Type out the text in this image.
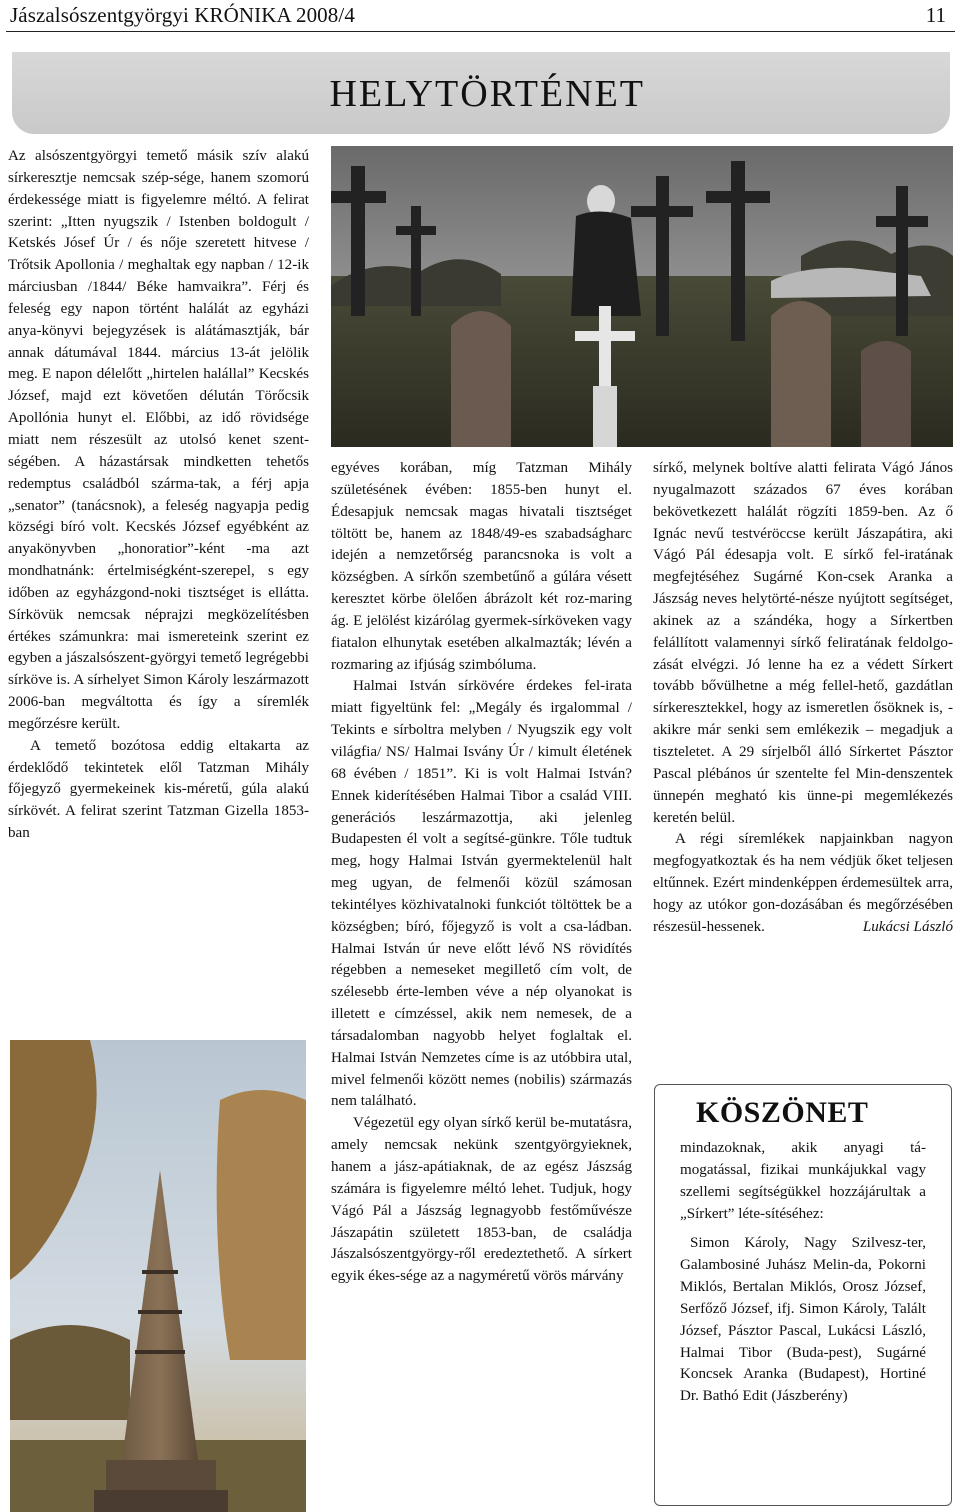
Jászalsószentgyörgyi KRÓNIKA 2008/4	11
HELYTÖRTÉNET

Az alsószentgyörgyi temető másik szív alakú sírkeresztje nemcsak szép-sége, hanem szomorú érdekessége miatt is figyelemre méltó. A felirat szerint: „Itten nyugszik / Istenben boldogult / Ketskés Jósef Úr / és nője szeretett hitvese / Trőtsik Apollonia / meghaltak egy napban / 12-ik márciusban /1844/ Béke hamvaikra”. Férj és feleség egy napon történt halálát az egyházi anya-könyvi bejegyzések is alátámasztják, bár annak dátumával 1844. március 13-át jelölik meg. E napon délelőtt „hirtelen halállal” Kecskés József, majd ezt követően délután Törőcsik Apollónia hunyt el. Előbbi, az idő rövidsége miatt nem részesült az utolsó kenet szent-ségében. A házastársak mindketten tehetős redemptus családból szárma-tak, a férj apja „senator” (tanácsnok), a feleség nagyapja pedig községi bíró volt. Kecskés József egyébként az anyakönyvben „honoratior”-ként -ma azt mondhatnánk: értelmiségként-szerepel, s egy időben az egyházgond-noki tisztséget is ellátta. Sírkövük nemcsak néprajzi megközelítésben értékes számunkra: mai ismereteink szerint ez egyben a jászalsószent-györgyi temető legrégebbi sírköve is. A sírhelyet Simon Károly leszármazott 2006-ban megváltotta és így a síremlék megőrzésre került.

A temető bozótosa eddig eltakarta az érdeklődő tekintetek elől Tatzman Mihály főjegyző gyermekeinek kis-méretű, gúla alakú sírkövét. A felirat szerint Tatzman Gizella 1853-ban

egyéves korában, míg Tatzman Mihály születésének évében: 1855-ben hunyt el. Édesapjuk nemcsak magas hivatali tisztséget töltött be, hanem az 1848/49-es szabadságharc idején a nemzetőrség parancsnoka is volt a községben. A sírkőn szembetűnő a gúlára vésett keresztet körbe ölelően ábrázolt két roz-maring ág. E jelölést kizárólag gyermek-sírköveken vagy fiatalon elhunytak esetében alkalmazták; lévén a rozmaring az ifjúság szimbóluma.

Halmai István sírkövére érdekes fel-irata miatt figyeltünk fel: „Megály és irgalommal / Tekints e sírboltra melyben / Nyugszik egy volt világfia/ NS/ Halmai Isvány Úr / kimult életének 68 évében / 1851”. Ki is volt Halmai István? Ennek kiderítésében Halmai Tibor a család VIII. generációs leszármazottja, aki jelenleg Budapesten él volt a segítsé-günkre. Tőle tudtuk meg, hogy Halmai István gyermektelenül halt meg ugyan, de felmenői közül számosan tekintélyes közhivatalnoki funkciót töltöttek be a községben; bíró, főjegyző is volt a csa-ládban. Halmai István úr neve előtt lévő NS rövidítés régebben a nemeseket megillető cím volt, de szélesebb érte-lemben véve a nép olyanokat is illetett e címzéssel, akik nem nemesek, de a társadalomban nagyobb helyet foglaltak el. Halmai István Nemzetes címe is az utóbbira utal, mivel felmenői között nemes (nobilis) származás nem található.

Végezetül egy olyan sírkő kerül be-mutatásra, amely nemcsak nekünk szentgyörgyieknek, hanem a jász-apátiaknak, de az egész Jászság számára is figyelemre méltó lehet. Tudjuk, hogy Vágó Pál a Jászság legnagyobb festőművésze Jászapátin született 1853-ban, de családja Jászalsószentgyörgy-ről eredeztethető. A sírkert egyik ékes-sége az a nagyméretű vörös márvány

sírkő, melynek boltíve alatti felirata Vágó János nyugalmazott százados 67 éves korában bekövetkezett halálát rögzíti 1859-ben. Az ő Ignác nevű testvéröccse került Jászapátira, aki Vágó Pál édesapja volt. E sírkő fel-iratának megfejtéséhez Sugárné Kon-csek Aranka a Jászság neves helytörté-nésze nyújtott segítséget, akinek az a szándéka, hogy a Sírkertben felállított valamennyi sírkő feliratának feldolgo-zását elvégzi. Jó lenne ha ez a védett Sírkert tovább bővülhetne a még fellel-hető, gazdátlan sírkeresztekkel, hogy az ismeretlen ősöknek is, - akikre már senki sem emlékezik – megadjuk a tiszteletet. A 29 sírjelből álló Sírkertet Pásztor Pascal plébános úr szentelte fel Min-denszentek ünnepén megható kis ünne-pi megemlékezés keretén belül.

A régi síremlékek napjainkban nagyon megfogyatkoztak és ha nem védjük őket teljesen eltűnnek. Ezért mindenképpen érdemesültek arra, hogy az utókor gon-dozásában és megőrzésében részesül-hessenek.	Lukácsi László

KÖSZÖNET

mindazoknak, akik anyagi tá-mogatással, fizikai munkájukkal vagy szellemi segítségükkel hozzájárultak a „Sírkert” léte-sítéséhez:

Simon Károly, Nagy Szilvesz-ter, Galambosiné Juhász Melin-da, Pokorni Miklós, Bertalan Miklós, Orosz József, Serfőző József, ifj. Simon Károly, Talált József, Pásztor Pascal, Lukácsi László, Halmai Tibor (Buda-pest), Sugárné Koncsek Aranka (Budapest), Hortiné Dr. Bathó Edit (Jászberény)
